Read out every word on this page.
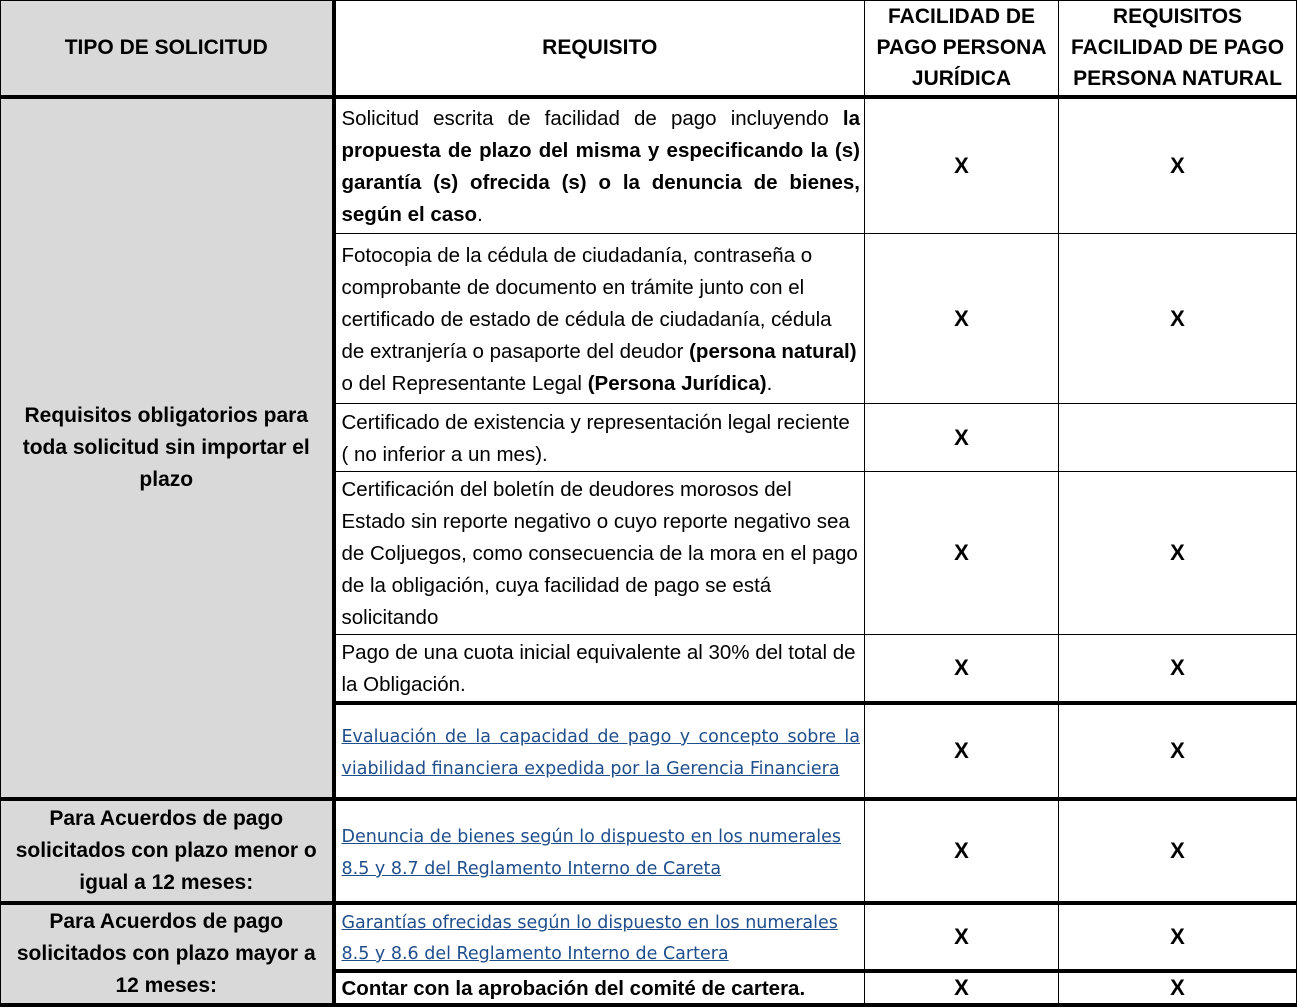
TIPO DE SOLICITUD	REQUISITO	FACILIDAD DE PAGO PERSONA JURÍDICA	REQUISITOS FACILIDAD DE PAGO PERSONA NATURAL
Requisitos obligatorios para toda solicitud sin importar el plazo	Solicitud escrita de facilidad de pago incluyendo la propuesta de plazo del misma y especificando la (s) garantía (s) ofrecida (s) o la denuncia de bienes, según el caso.	X	X
	Fotocopia de la cédula de ciudadanía, contraseña o comprobante de documento en trámite junto con el certificado de estado de cédula de ciudadanía, cédula de extranjería o pasaporte del deudor (persona natural) o del Representante Legal (Persona Jurídica).	X	X
	Certificado de existencia y representación legal reciente ( no inferior a un mes).	X	
	Certificación del boletín de deudores morosos del Estado sin reporte negativo o cuyo reporte negativo sea de Coljuegos, como consecuencia de la mora en el pago de la obligación, cuya facilidad de pago se está solicitando	X	X
	Pago de una cuota inicial equivalente al 30% del total de la Obligación.	X	X
	Evaluación de la capacidad de pago y concepto sobre la viabilidad financiera expedida por la Gerencia Financiera	X	X
Para Acuerdos de pago solicitados con plazo menor o igual a 12 meses:	Denuncia de bienes según lo dispuesto en los numerales 8.5 y 8.7 del Reglamento Interno de Careta	X	X
Para Acuerdos de pago solicitados con plazo mayor a 12 meses:	Garantías ofrecidas según lo dispuesto en los numerales 8.5 y 8.6 del Reglamento Interno de Cartera	X	X
	Contar con la aprobación del comité de cartera.	X	X
